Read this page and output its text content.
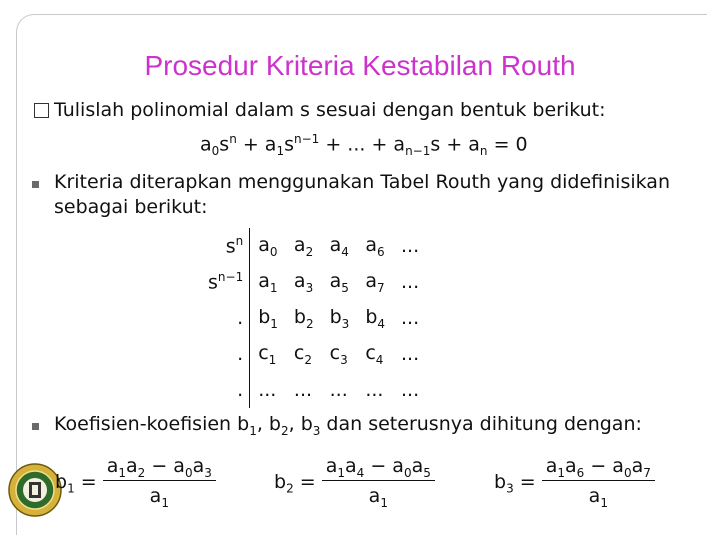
Prosedur Kriteria Kestabilan Routh
Tulislah polinomial dalam s sesuai dengan bentuk berikut:
$a_0s^n + a_1s^{n-1}$ + ... + $a_{n-1}s + a_n = 0$
Kriteria diterapkan menggunakan Tabel Routh yang didefinisikan
sebagai berikut:
$s^n$	$a_0$	$a_2$	$a_4$	$a_6$	...
$s^{n-1}$	$a_1$	$a_3$	$a_5$	$a_7$	...
.	$b_1$	$b_2$	$b_3$	$b_4$	...
.	$c_1$	$c_2$	$c_3$	$c_4$	...
.	...	...	...	...	...
Koefisien-koefisien $b_1$, $b_2$, $b_3$ dan seterusnya dihitung dengan:
$b_1 = \frac{a_1a_2 - a_0a_3}{a_1}$	$b_2 = \frac{a_1a_4 - a_0a_5}{a_1}$	$b_3 = \frac{a_1a_6 - a_0a_7}{a_1}$
